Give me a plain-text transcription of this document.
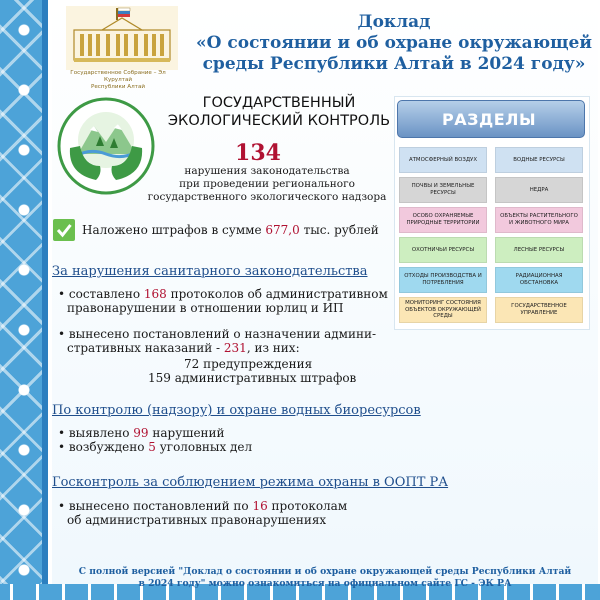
Государственное Собрание – Эл Курултай
Республики Алтай
Доклад
«О состоянии и об охране окружающей
среды Республики Алтай в 2024 году»
ГОСУДАРСТВЕННЫЙ
ЭКОЛОГИЧЕСКИЙ КОНТРОЛЬ
134
нарушения законодательства
при проведении регионального
государственного экологического надзора
Наложено штрафов в сумме 677,0 тыс. рублей
РАЗДЕЛЫ
АТМОСФЕРНЫЙ ВОЗДУХ	ВОДНЫЕ РЕСУРСЫ
ПОЧВЫ И ЗЕМЕЛЬНЫЕ РЕСУРСЫ
НЕДРА
ОСОБО ОХРАНЯЕМЫЕ ПРИРОДНЫЕ ТЕРРИТОРИИ
ОБЪЕКТЫ РАСТИТЕЛЬНОГО И ЖИВОТНОГО МИРА
ОХОТНИЧЬИ РЕСУРСЫ	ЛЕСНЫЕ РЕСУРСЫ
ОТХОДЫ ПРОИЗВОДСТВА И ПОТРЕБЛЕНИЯ
РАДИАЦИОННАЯ ОБСТАНОВКА
МОНИТОРИНГ СОСТОЯНИЯ ОБЪЕКТОВ ОКРУЖАЮЩЕЙ СРЕДЫ
ГОСУДАРСТВЕННОЕ УПРАВЛЕНИЕ
За нарушения санитарного законодательства
• составлено 168 протоколов об административном
правонарушении в отношении юрлиц и ИП
• вынесено постановлений о назначении админи-
стративных наказаний - 231, из них:
72 предупреждения
159 административных штрафов
По контролю (надзору) и охране водных биоресурсов
• выявлено 99 нарушений
• возбуждено 5 уголовных дел
Госконтроль за соблюдением режима охраны в ООПТ РА
• вынесено постановлений по 16 протоколам
об административных правонарушениях
С полной версией "Доклад о состоянии и об охране окружающей среды Республики Алтай
в 2024 году" можно ознакомиться на официальном сайте ГС - ЭК РА
